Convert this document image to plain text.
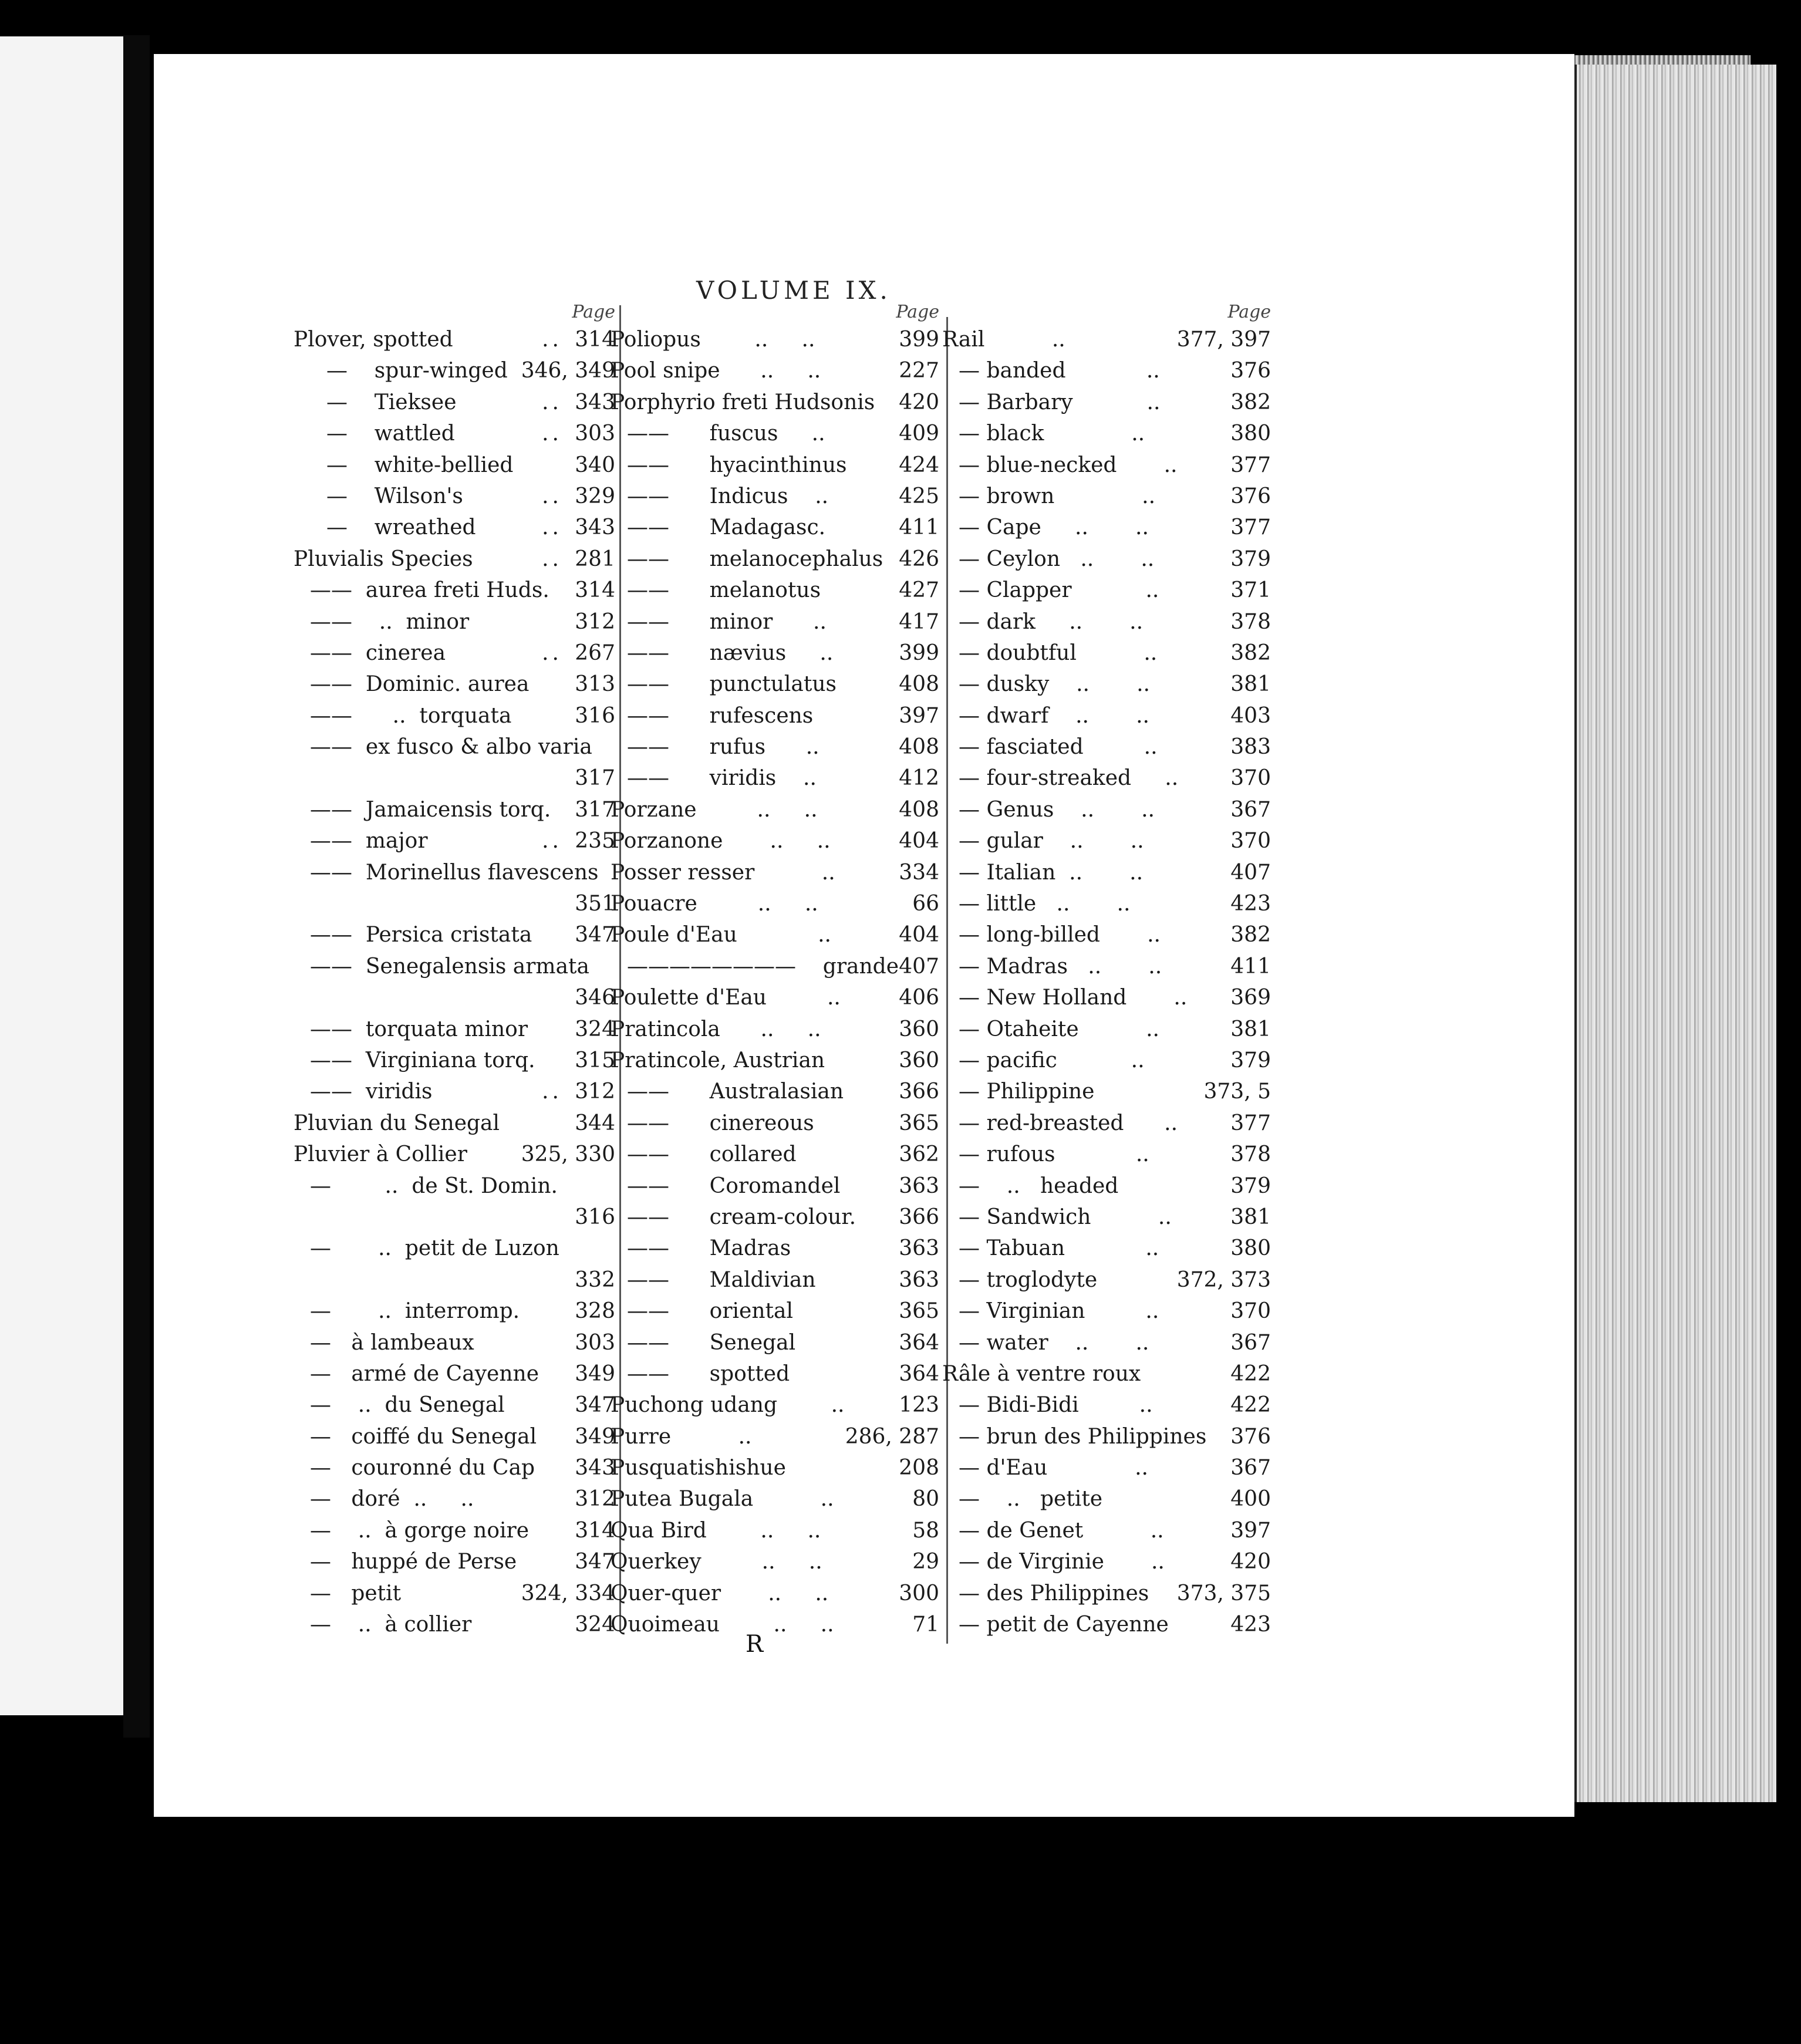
VOLUME IX.
Page
Plover, spotted	.. 314
—    spur-winged 346, 349
—    Tieksee	.. 343
—    wattled	.. 303
—    white-bellied	340
—    Wilson's	.. 329
—    wreathed	.. 343
Pluvialis Species	.. 281
——  aurea freti Huds. 314
——    ..  minor	312
——  cinerea	.. 267
——  Dominic. aurea 313
——      ..  torquata	316
——  ex fusco & albo varia
317
——  Jamaicensis torq. 317
——  major	.. 235
——  Morinellus flavescens
351
——  Persica cristata 347
——  Senegalensis armata
346
——  torquata minor 324
——  Virginiana torq. 315
——  viridis	.. 312
Pluvian du Senegal	344
Pluvier à Collier	325, 330
—        ..  de St. Domin.
316
—       ..  petit de Luzon
332
—       ..  interromp.	328
—   à lambeaux	303
—   armé de Cayenne 349
—    ..  du Senegal	347
—   coiffé du Senegal 349
—   couronné du Cap 343
—   doré  ..     ..	312
—    ..  à gorge noire 314
—   huppé de Perse	347
—   petit	324, 334
—    ..  à collier	324
Page
Poliopus        ..     ..	399
Pool snipe      ..     ..	227
Porphyrio freti Hudsonis 420
——      fuscus     ..	409
——      hyacinthinus 424
——      Indicus    ..	425
——      Madagasc.	411
——      melanocephalus 426
——      melanotus	427
——      minor      ..	417
——      nævius     ..	399
——      punctulatus	408
——      rufescens	397
——      rufus      ..	408
——      viridis    ..	412
Porzane         ..     ..	408
Porzanone       ..     ..	404
Posser resser          ..	334
Pouacre         ..     ..	66
Poule d'Eau            ..	404
————————    grande 407
Poulette d'Eau         ..	406
Pratincola      ..     ..	360
Pratincole, Austrian	360
——      Australasian	366
——      cinereous	365
——      collared	362
——      Coromandel	363
——      cream-colour. 366
——      Madras	363
——      Maldivian	363
——      oriental	365
——      Senegal	364
——      spotted	364
Puchong udang        ..	123
Purre          ..	286, 287
Pusquatishishue	208
Putea Bugala          ..	80
Qua Bird        ..     ..	58
Querkey         ..     ..	29
Quer-quer       ..     ..	300
Quoimeau        ..     ..	71
Page
Rail          ..	377, 397
— banded            ..	376
— Barbary           ..	382
— black             ..	380
— blue-necked       ..	377
— brown             ..	376
— Cape     ..       ..	377
— Ceylon   ..       ..	379
— Clapper           ..	371
— dark     ..       ..	378
— doubtful          ..	382
— dusky    ..       ..	381
— dwarf    ..       ..	403
— fasciated         ..	383
— four-streaked     .. 370
— Genus    ..       ..	367
— gular    ..       ..	370
— Italian  ..       ..	407
— little   ..       ..	423
— long-billed       ..	382
— Madras   ..       ..	411
— New Holland       .. 369
— Otaheite          ..	381
— pacific           ..	379
— Philippine	373, 5
— red-breasted      ..	377
— rufous            ..	378
—    ..   headed	379
— Sandwich          ..	381
— Tabuan            ..	380
— troglodyte	372, 373
— Virginian         ..	370
— water    ..       ..	367
Râle à ventre roux	422
— Bidi-Bidi         ..	422
— brun des Philippines 376
— d'Eau             ..	367
—    ..   petite	400
— de Genet          ..	397
— de Virginie       ..	420
— des Philippines 373, 375
— petit de Cayenne	423
R
